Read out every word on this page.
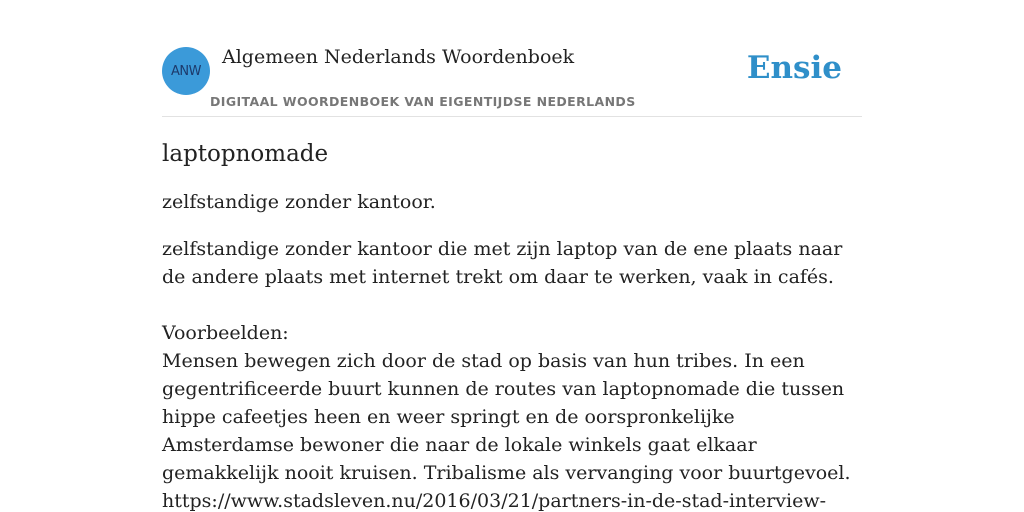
ANW
Algemeen Nederlands Woordenboek
DIGITAAL WOORDENBOEK VAN EIGENTIJDSE NEDERLANDS
Ensie
laptopnomade

zelfstandige zonder kantoor.

zelfstandige zonder kantoor die met zijn laptop van de ene plaats naar de andere plaats met internet trekt om daar te werken, vaak in cafés.

Voorbeelden:

Mensen bewegen zich door de stad op basis van hun tribes. In een gegentrificeerde buurt kunnen de routes van laptopnomade die tussen hippe cafeetjes heen en weer springt en de oorspronkelijke Amsterdamse bewoner die naar de lokale winkels gaat elkaar gemakkelijk nooit kruisen. Tribalisme als vervanging voor buurtgevoel.

https://www.stadsleven.nu/2016/03/21/partners-in-de-stad-interview-
